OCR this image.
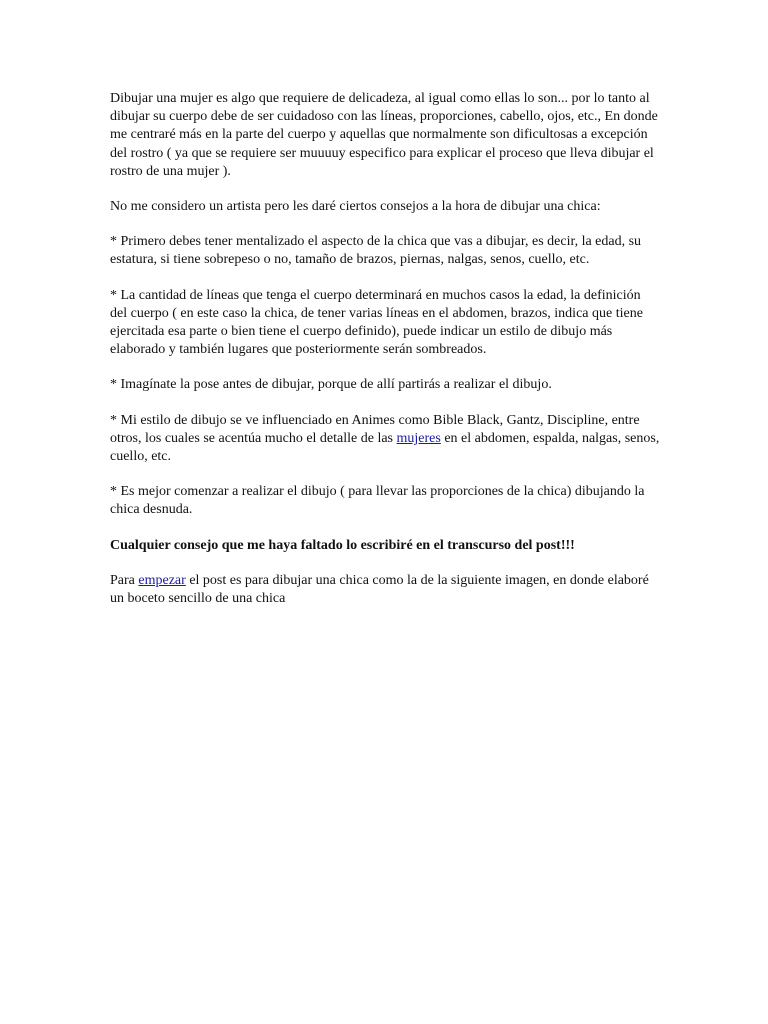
Dibujar una mujer es algo que requiere de delicadeza, al igual como ellas lo son... por lo tanto al dibujar su cuerpo debe de ser cuidadoso con las líneas, proporciones, cabello, ojos, etc., En donde me centraré más en la parte del cuerpo y aquellas que normalmente son dificultosas a excepción del rostro ( ya que se requiere ser muuuuy especifico para explicar el proceso que lleva dibujar el rostro de una mujer ).

No me considero un artista pero les daré ciertos consejos a la hora de dibujar una chica:

* Primero debes tener mentalizado el aspecto de la chica que vas a dibujar, es decir, la edad, su estatura, si tiene sobrepeso o no, tamaño de brazos, piernas, nalgas, senos, cuello, etc.

* La cantidad de líneas que tenga el cuerpo determinará en muchos casos la edad, la definición del cuerpo ( en este caso la chica, de tener varias líneas en el abdomen, brazos, indica que tiene ejercitada esa parte o bien tiene el cuerpo definido), puede indicar un estilo de dibujo más elaborado y también lugares que posteriormente serán sombreados.

* Imagínate la pose antes de dibujar, porque de allí partirás a realizar el dibujo.

* Mi estilo de dibujo se ve influenciado en Animes como Bible Black, Gantz, Discipline, entre otros, los cuales se acentúa mucho el detalle de las mujeres en el abdomen, espalda, nalgas, senos, cuello, etc.

* Es mejor comenzar a realizar el dibujo ( para llevar las proporciones de la chica) dibujando la chica desnuda.

Cualquier consejo que me haya faltado lo escribiré en el transcurso del post!!!

Para empezar el post es para dibujar una chica como la de la siguiente imagen, en donde elaboré un boceto sencillo de una chica
